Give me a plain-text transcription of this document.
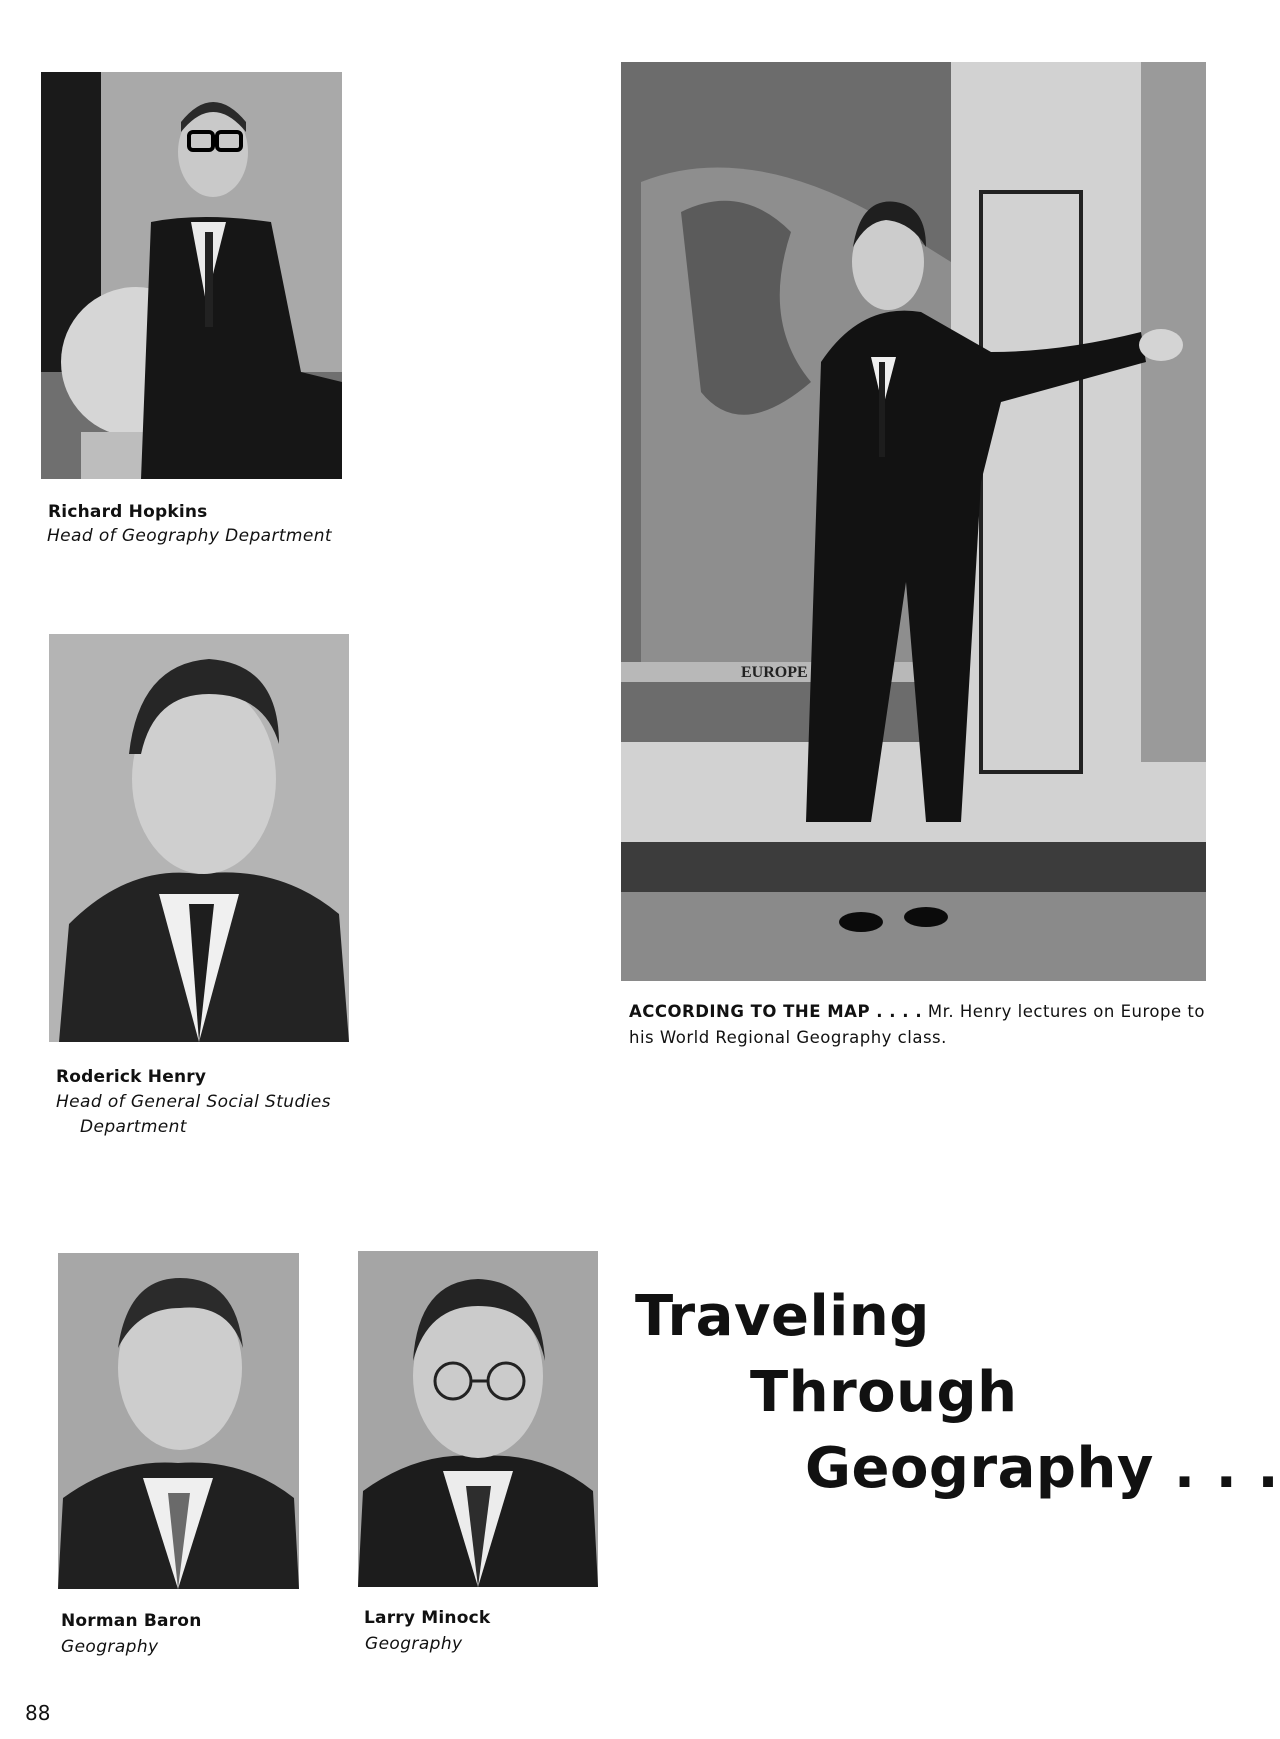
Richard Hopkins
Head of Geography Department
Roderick Henry
Head of General Social Studies
Department
EUROPE
ACCORDING TO THE MAP . . . . Mr. Henry lectures on Europe to his World Regional Geography class.
Norman Baron
Geography
Larry Minock
Geography
Traveling
Through
Geography . . .
88
